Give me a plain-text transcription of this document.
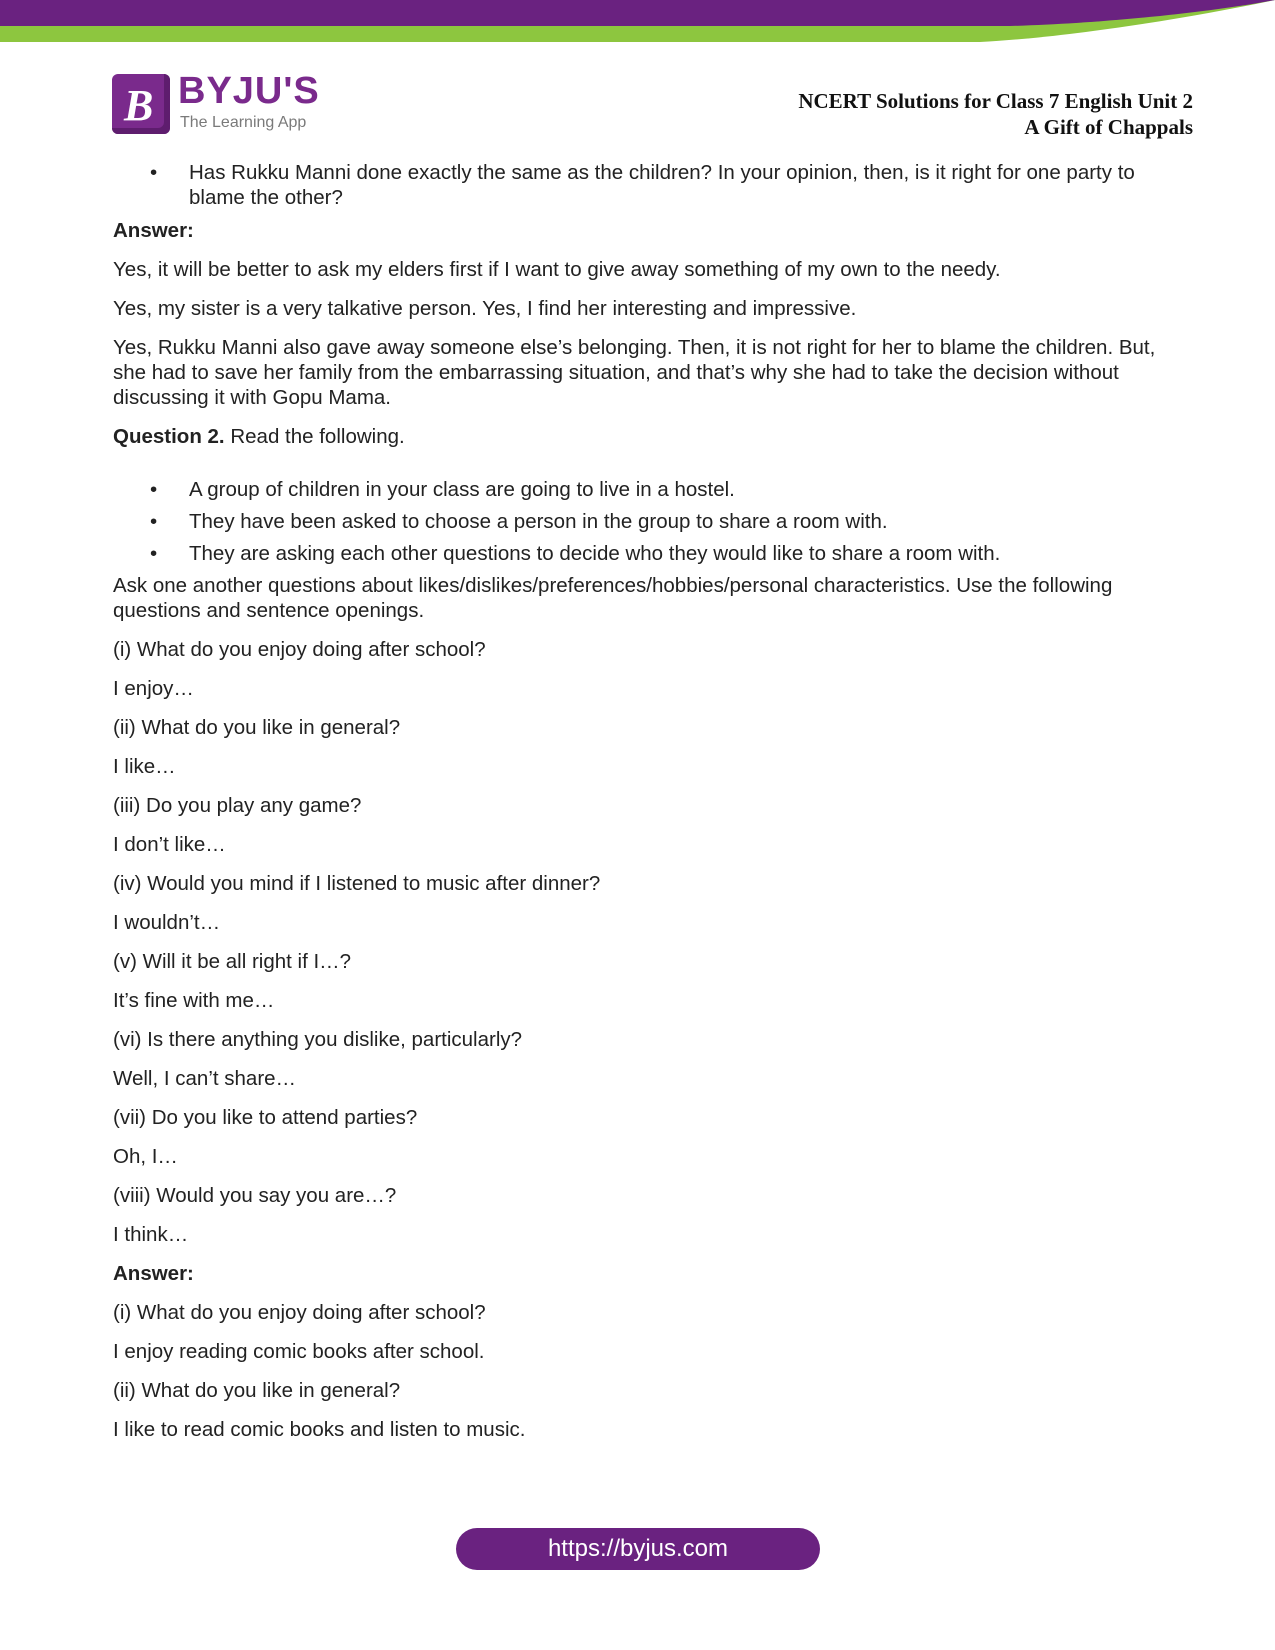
B BYJU'S
The Learning App
NCERT Solutions for Class 7 English Unit 2
A Gift of Chappals
• Has Rukku Manni done exactly the same as the children? In your opinion, then, is it right for one party to blame the other?

Answer:

Yes, it will be better to ask my elders first if I want to give away something of my own to the needy.

Yes, my sister is a very talkative person. Yes, I find her interesting and impressive.

Yes, Rukku Manni also gave away someone else’s belonging. Then, it is not right for her to blame the children. But, she had to save her family from the embarrassing situation, and that’s why she had to take the decision without discussing it with Gopu Mama.

Question 2. Read the following.

• A group of children in your class are going to live in a hostel.
• They have been asked to choose a person in the group to share a room with.
• They are asking each other questions to decide who they would like to share a room with.

Ask one another questions about likes/dislikes/preferences/hobbies/personal characteristics. Use the following questions and sentence openings.

(i) What do you enjoy doing after school?

I enjoy…

(ii) What do you like in general?

I like…

(iii) Do you play any game?

I don’t like…

(iv) Would you mind if I listened to music after dinner?

I wouldn’t…

(v) Will it be all right if I…?

It’s fine with me…

(vi) Is there anything you dislike, particularly?

Well, I can’t share…

(vii) Do you like to attend parties?

Oh, I…

(viii) Would you say you are…?

I think…

Answer:

(i) What do you enjoy doing after school?

I enjoy reading comic books after school.

(ii) What do you like in general?

I like to read comic books and listen to music.

https://byjus.com
